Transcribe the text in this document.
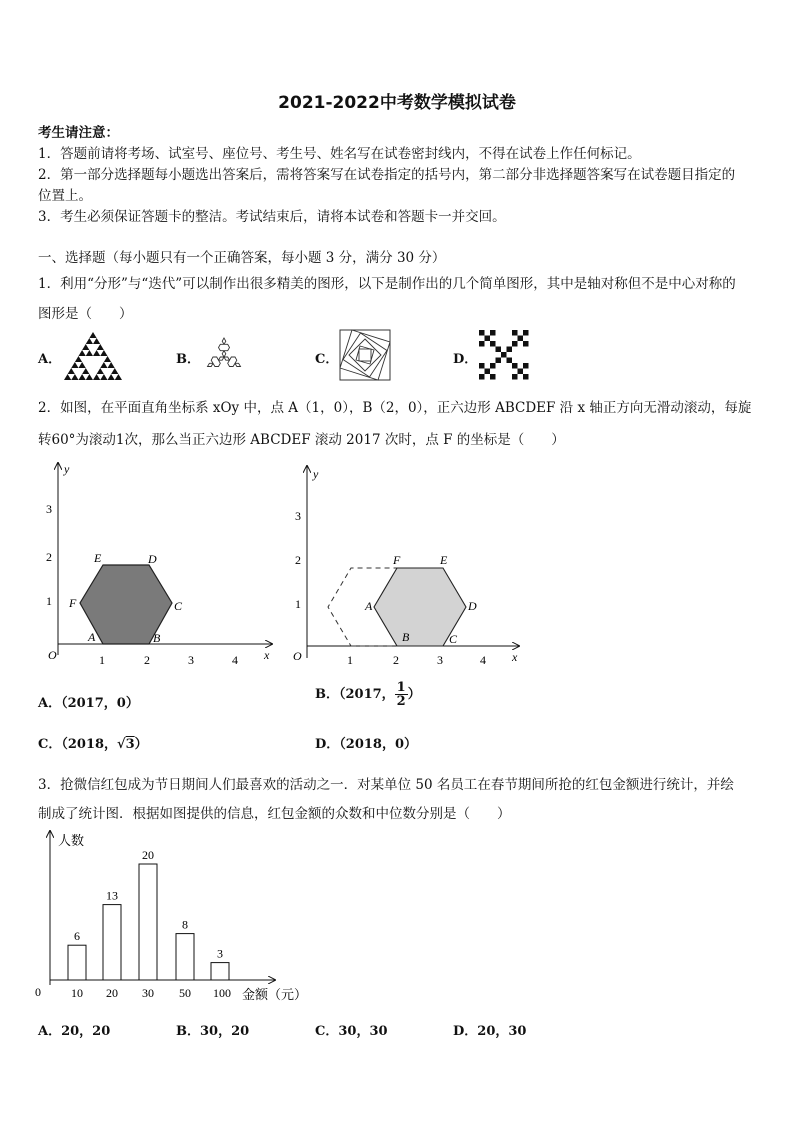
2021-2022中考数学模拟试卷
考生请注意：
1．答题前请将考场、试室号、座位号、考生号、姓名写在试卷密封线内，不得在试卷上作任何标记。
2．第一部分选择题每小题选出答案后，需将答案写在试卷指定的括号内，第二部分非选择题答案写在试卷题目指定的
位置上。
3．考生必须保证答题卡的整洁。考试结束后，请将本试卷和答题卡一并交回。
一、选择题（每小题只有一个正确答案，每小题 3 分，满分 30 分）
1．利用“分形”与“迭代”可以制作出很多精美的图形，以下是制作出的几个简单图形，其中是轴对称但不是中心对称的
图形是（　　）
A．	B．	C．	D．
2．如图，在平面直角坐标系 xOy 中，点 A（1，0），B（2，0），正六边形 ABCDEF 沿 x 轴正方向无滑动滚动，每旋
转60°为滚动1次，那么当正六边形 ABCDEF 滚动 2017 次时，点 F 的坐标是（　　）
y
x
O
A	B
C
D
E
F
1	2	3	4
1
2
3
y
x
O
A
B	C
D
E
F
1	2	3	4
1
2
3
A．（2017，0）
B．（2017， $\frac{1}{2}$ ）
C．（2018，√3）	D．（2018，0）
3．抢微信红包成为节日期间人们最喜欢的活动之一．对某单位 50 名员工在春节期间所抢的红包金额进行统计，并绘
制成了统计图．根据如图提供的信息，红包金额的众数和中位数分别是（　　）
6
10
13
20
20
30
8
50
3
100
人数
0	金额（元）
A．20，20	B．30，20	C．30，30	D．20，30
